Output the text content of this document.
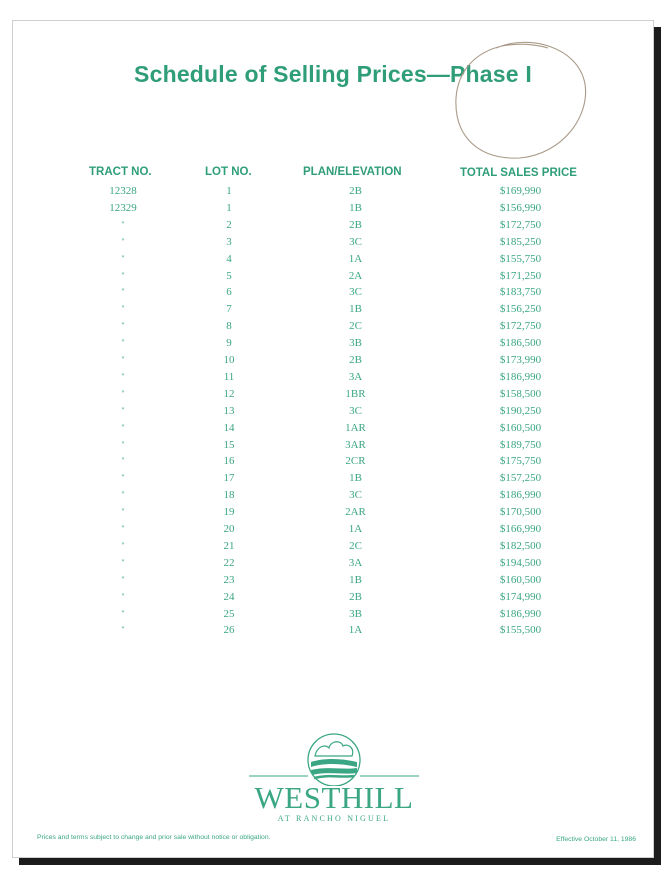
Schedule of Selling Prices—Phase I
TRACT NO.	LOT NO.	PLAN/ELEVATION	TOTAL SALES PRICE
12328	1	2B	$169,990
12329	1	1B	$156,990
"	2	2B	$172,750
"	3	3C	$185,250
"	4	1A	$155,750
"	5	2A	$171,250
"	6	3C	$183,750
"	7	1B	$156,250
"	8	2C	$172,750
"	9	3B	$186,500
"	10	2B	$173,990
"	11	3A	$186,990
"	12	1BR	$158,500
"	13	3C	$190,250
"	14	1AR	$160,500
"	15	3AR	$189,750
"	16	2CR	$175,750
"	17	1B	$157,250
"	18	3C	$186,990
"	19	2AR	$170,500
"	20	1A	$166,990
"	21	2C	$182,500
"	22	3A	$194,500
"	23	1B	$160,500
"	24	2B	$174,990
"	25	3B	$186,990
"	26	1A	$155,500
WESTHILL
AT RANCHO NIGUEL
Prices and terms subject to change and prior sale without notice or obligation.	Effective October 11, 1986
